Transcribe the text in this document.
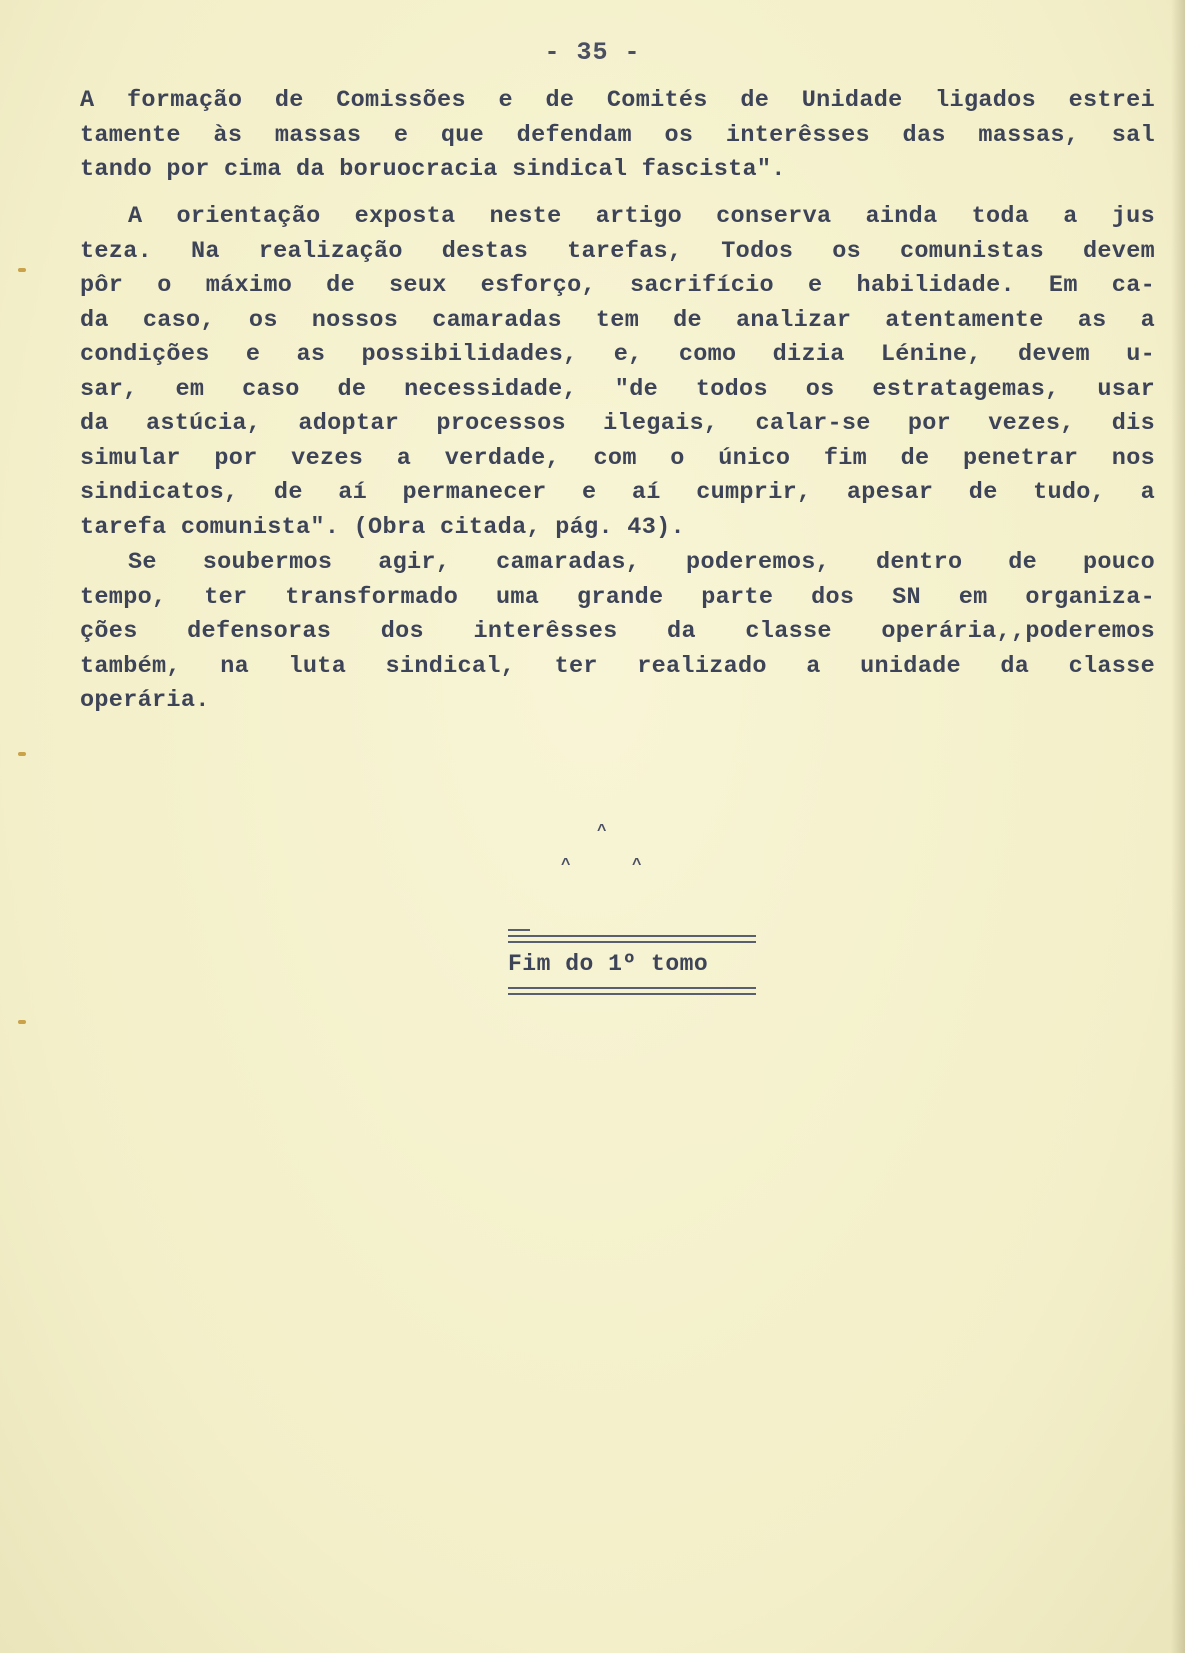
- 35 -
A formação de Comissões e de Comités de Unidade ligados estrei
tamente às massas e que defendam os interêsses das massas, sal
tando por cima da boruocracia sindical fascista".
A orientação exposta neste artigo conserva ainda toda a jus
teza. Na realização destas tarefas, Todos os comunistas devem
pôr o máximo de seux esforço, sacrifício e habilidade. Em ca-
da caso, os nossos camaradas tem de analizar atentamente as a
condições e as possibilidades, e, como dizia Lénine, devem u-
sar, em caso de necessidade, "de todos os estratagemas, usar
da astúcia, adoptar processos ilegais, calar-se por vezes, dis
simular por vezes a verdade, com o único fim de penetrar nos
sindicatos, de aí permanecer e aí cumprir, apesar de tudo, a
tarefa comunista". (Obra citada, pág. 43).
Se soubermos agir, camaradas, poderemos, dentro de pouco
tempo, ter transformado uma grande parte dos SN em organiza-
ções defensoras dos interêsses da classe operária,,poderemos
também, na luta sindical, ter realizado a unidade da classe
operária.
^
^	^
Fim do 1º tomo
